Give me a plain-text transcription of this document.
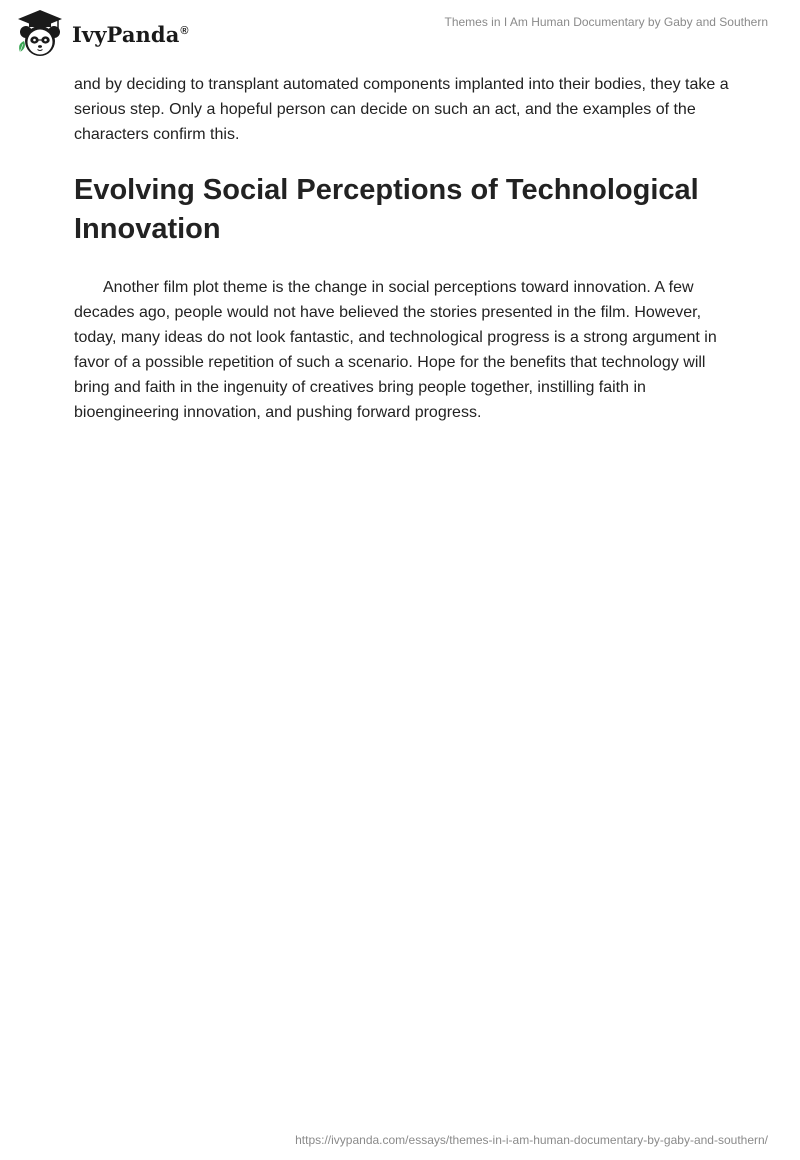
IvyPanda®
Themes in I Am Human Documentary by Gaby and Southern

and by deciding to transplant automated components implanted into their bodies, they take a serious step. Only a hopeful person can decide on such an act, and the examples of the characters confirm this.

Evolving Social Perceptions of Technological Innovation

Another film plot theme is the change in social perceptions toward innovation. A few decades ago, people would not have believed the stories presented in the film. However, today, many ideas do not look fantastic, and technological progress is a strong argument in favor of a possible repetition of such a scenario. Hope for the benefits that technology will bring and faith in the ingenuity of creatives bring people together, instilling faith in bioengineering innovation, and pushing forward progress.

https://ivypanda.com/essays/themes-in-i-am-human-documentary-by-gaby-and-southern/
